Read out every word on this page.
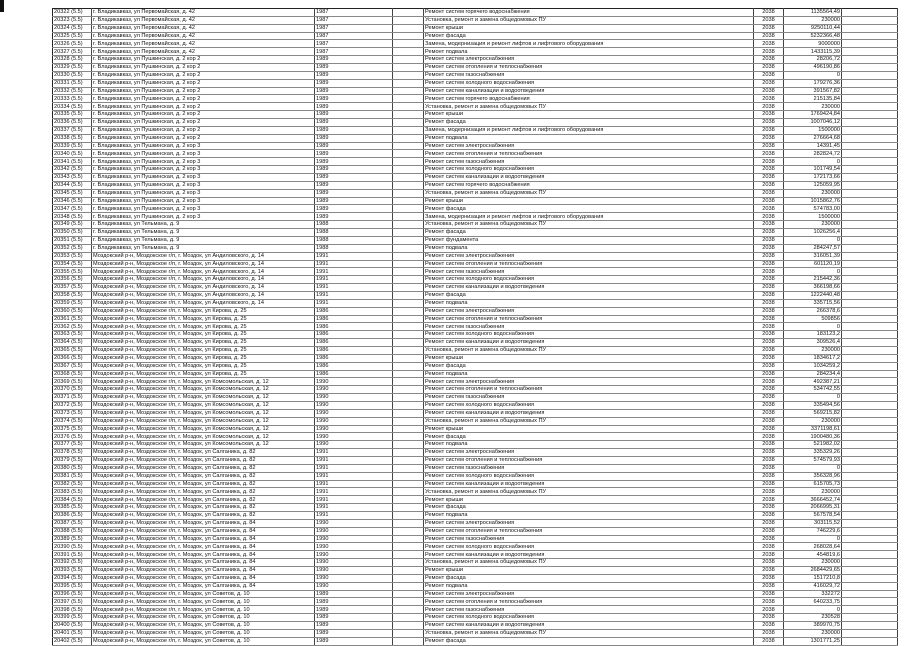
20322 (5.5)	г. Владикавказ, ул Первомайская, д. 42	1987		Ремонт систем горячего водоснабжения	2038	1135564,49	
20323 (5.5)	г. Владикавказ, ул Первомайская, д. 42	1987		Установка, ремонт и замена общедомовых ПУ	2038	230000	
20324 (5.5)	г. Владикавказ, ул Первомайская, д. 42	1987		Ремонт крыши	2038	9250110,44	
20325 (5.5)	г. Владикавказ, ул Первомайская, д. 42	1987		Ремонт фасада	2038	5232366,48	
20326 (5.5)	г. Владикавказ, ул Первомайская, д. 42	1987		Замена, модернизация и ремонт лифтов и лифтового оборудования	2038	9000000	
20327 (5.5)	г. Владикавказ, ул Первомайская, д. 42	1987		Ремонт подвала	2038	1433115,39	
20328 (5.5)	г. Владикавказ, ул Пушкинская, д. 2 кор 2	1989		Ремонт систем электроснабжения	2038	28206,72	
20329 (5.5)	г. Владикавказ, ул Пушкинская, д. 2 кор 2	1989		Ремонт систем отопления и теплоснабжения	2038	496190,86	
20330 (5.5)	г. Владикавказ, ул Пушкинская, д. 2 кор 2	1989		Ремонт систем газоснабжения	2038	0	
20331 (5.5)	г. Владикавказ, ул Пушкинская, д. 2 кор 2	1989		Ремонт систем холодного водоснабжения	2038	179276,36	
20332 (5.5)	г. Владикавказ, ул Пушкинская, д. 2 кор 2	1989		Ремонт систем канализации и водоотведения	2038	391567,82	
20333 (5.5)	г. Владикавказ, ул Пушкинская, д. 2 кор 2	1989		Ремонт систем горячего водоснабжения	2038	215135,84	
20334 (5.5)	г. Владикавказ, ул Пушкинская, д. 2 кор 2	1989		Установка, ремонт и замена общедомовых ПУ	2038	230000	
20335 (5.5)	г. Владикавказ, ул Пушкинская, д. 2 кор 2	1989		Ремонт крыши	2038	1769424,84	
20336 (5.5)	г. Владикавказ, ул Пушкинская, д. 2 кор 2	1989		Ремонт фасада	2038	1007046,12	
20337 (5.5)	г. Владикавказ, ул Пушкинская, д. 2 кор 2	1989		Замена, модернизация и ремонт лифтов и лифтового оборудования	2038	1500000	
20338 (5.5)	г. Владикавказ, ул Пушкинская, д. 2 кор 2	1989		Ремонт подвала	2038	276664,68	
20339 (5.5)	г. Владикавказ, ул Пушкинская, д. 2 кор 3	1989		Ремонт систем электроснабжения	2038	14391,45	
20340 (5.5)	г. Владикавказ, ул Пушкинская, д. 2 кор 3	1989		Ремонт систем отопления и теплоснабжения	2038	282824,72	
20341 (5.5)	г. Владикавказ, ул Пушкинская, д. 2 кор 3	1989		Ремонт систем газоснабжения	2038	0	
20342 (5.5)	г. Владикавказ, ул Пушкинская, д. 2 кор 3	1989		Ремонт систем холодного водоснабжения	2038	101749,54	
20343 (5.5)	г. Владикавказ, ул Пушкинская, д. 2 кор 3	1989		Ремонт систем канализации и водоотведения	2038	172173,66	
20344 (5.5)	г. Владикавказ, ул Пушкинская, д. 2 кор 3	1989		Ремонт систем горячего водоснабжения	2038	125059,95	
20345 (5.5)	г. Владикавказ, ул Пушкинская, д. 2 кор 3	1989		Установка, ремонт и замена общедомовых ПУ	2038	230000	
20346 (5.5)	г. Владикавказ, ул Пушкинская, д. 2 кор 3	1989		Ремонт крыши	2038	1015862,76	
20347 (5.5)	г. Владикавказ, ул Пушкинская, д. 2 кор 3	1989		Ремонт фасада	2038	574783,00	
20348 (5.5)	г. Владикавказ, ул Пушкинская, д. 2 кор 3	1989		Замена, модернизация и ремонт лифтов и лифтового оборудования	2038	1500000	
20349 (5.5)	г. Владикавказ, ул Тельмана, д. 9	1988		Установка, ремонт и замена общедомовых ПУ	2038	230000	
20350 (5.5)	г. Владикавказ, ул Тельмана, д. 9	1988		Ремонт фасада	2038	1026256,4	
20351 (5.5)	г. Владикавказ, ул Тельмана, д. 9	1988		Ремонт фундамента	2038	0	
20352 (5.5)	г. Владикавказ, ул Тельмана, д. 9	1988		Ремонт подвала	2038	284247,57	
20353 (5.5)	Моздокский р-н, Моздокское г/п, г. Моздок, ул Андиловского, д. 14	1991		Ремонт систем электроснабжения	2038	316051,39	
20354 (5.5)	Моздокский р-н, Моздокское г/п, г. Моздок, ул Андиловского, д. 14	1991		Ремонт систем отопления и теплоснабжения	2038	601120,19	
20355 (5.5)	Моздокский р-н, Моздокское г/п, г. Моздок, ул Андиловского, д. 14	1991		Ремонт систем газоснабжения	2038	0	
20356 (5.5)	Моздокский р-н, Моздокское г/п, г. Моздок, ул Андиловского, д. 14	1991		Ремонт систем холодного водоснабжения	2038	215442,36	
20357 (5.5)	Моздокский р-н, Моздокское г/п, г. Моздок, ул Андиловского, д. 14	1991		Ремонт систем канализации и водоотведения	2038	366198,66	
20358 (5.5)	Моздокский р-н, Моздокское г/п, г. Моздок, ул Андиловского, д. 14	1991		Ремонт фасада	2038	1222440,48	
20359 (5.5)	Моздокский р-н, Моздокское г/п, г. Моздок, ул Андиловского, д. 14	1991		Ремонт подвала	2038	335715,56	
20360 (5.5)	Моздокский р-н, Моздокское г/п, г. Моздок, ул Кирова, д. 25	1986		Ремонт систем электроснабжения	2038	266378,6	
20361 (5.5)	Моздокский р-н, Моздокское г/п, г. Моздок, ул Кирова, д. 25	1986		Ремонт систем отопления и теплоснабжения	2038	509856	
20362 (5.5)	Моздокский р-н, Моздокское г/п, г. Моздок, ул Кирова, д. 25	1986		Ремонт систем газоснабжения	2038	0	
20363 (5.5)	Моздокский р-н, Моздокское г/п, г. Моздок, ул Кирова, д. 25	1986		Ремонт систем холодного водоснабжения	2038	183123,2	
20364 (5.5)	Моздокский р-н, Моздокское г/п, г. Моздок, ул Кирова, д. 25	1986		Ремонт систем канализации и водоотведения	2038	309526,4	
20365 (5.5)	Моздокский р-н, Моздокское г/п, г. Моздок, ул Кирова, д. 25	1986		Установка, ремонт и замена общедомовых ПУ	2038	230000	
20366 (5.5)	Моздокский р-н, Моздокское г/п, г. Моздок, ул Кирова, д. 25	1986		Ремонт крыши	2038	1834617,2	
20367 (5.5)	Моздокский р-н, Моздокское г/п, г. Моздок, ул Кирова, д. 25	1986		Ремонт фасада	2038	1034259,2	
20368 (5.5)	Моздокский р-н, Моздокское г/п, г. Моздок, ул Кирова, д. 25	1986		Ремонт подвала	2038	284234,4	
20369 (5.5)	Моздокский р-н, Моздокское г/п, г. Моздок, ул Комсомольская, д. 12	1990		Ремонт систем электроснабжения	2038	492387,21	
20370 (5.5)	Моздокский р-н, Моздокское г/п, г. Моздок, ул Комсомольская, д. 12	1990		Ремонт систем отопления и теплоснабжения	2038	534742,55	
20371 (5.5)	Моздокский р-н, Моздокское г/п, г. Моздок, ул Комсомольская, д. 12	1990		Ремонт систем газоснабжения	2038	0	
20372 (5.5)	Моздокский р-н, Моздокское г/п, г. Моздок, ул Комсомольская, д. 12	1990		Ремонт систем холодного водоснабжения	2038	335494,56	
20373 (5.5)	Моздокский р-н, Моздокское г/п, г. Моздок, ул Комсомольская, д. 12	1990		Ремонт систем канализации и водоотведения	2038	569215,82	
20374 (5.5)	Моздокский р-н, Моздокское г/п, г. Моздок, ул Комсомольская, д. 12	1990		Установка, ремонт и замена общедомовых ПУ	2038	230000	
20375 (5.5)	Моздокский р-н, Моздокское г/п, г. Моздок, ул Комсомольская, д. 12	1990		Ремонт крыши	2038	3371198,61	
20376 (5.5)	Моздокский р-н, Моздокское г/п, г. Моздок, ул Комсомольская, д. 12	1990		Ремонт фасада	2038	1900480,36	
20377 (5.5)	Моздокский р-н, Моздокское г/п, г. Моздок, ул Комсомольская, д. 12	1990		Ремонт подвала	2038	521982,02	
20378 (5.5)	Моздокский р-н, Моздокское г/п, г. Моздок, ул Салганика, д. 82	1991		Ремонт систем электроснабжения	2038	335329,26	
20379 (5.5)	Моздокский р-н, Моздокское г/п, г. Моздок, ул Салганика, д. 82	1991		Ремонт систем отопления и теплоснабжения	2038	574579,93	
20380 (5.5)	Моздокский р-н, Моздокское г/п, г. Моздок, ул Салганика, д. 82	1991		Ремонт систем газоснабжения	2038	0	
20381 (5.5)	Моздокский р-н, Моздокское г/п, г. Моздок, ул Салганика, д. 82	1991		Ремонт систем холодного водоснабжения	2038	356328,96	
20382 (5.5)	Моздокский р-н, Моздокское г/п, г. Моздок, ул Салганика, д. 82	1991		Ремонт систем канализации и водоотведения	2038	615705,73	
20383 (5.5)	Моздокский р-н, Моздокское г/п, г. Моздок, ул Салганика, д. 82	1991		Установка, ремонт и замена общедомовых ПУ	2038	230000	
20384 (5.5)	Моздокский р-н, Моздокское г/п, г. Моздок, ул Салганика, д. 82	1991		Ремонт крыши	2038	3666452,74	
20385 (5.5)	Моздокский р-н, Моздокское г/п, г. Моздок, ул Салганика, д. 82	1991		Ремонт фасада	2038	2066995,31	
20386 (5.5)	Моздокский р-н, Моздокское г/п, г. Моздок, ул Салганика, д. 82	1991		Ремонт подвала	2038	567578,54	
20387 (5.5)	Моздокский р-н, Моздокское г/п, г. Моздок, ул Салганика, д. 84	1990		Ремонт систем электроснабжения	2038	303115,52	
20388 (5.5)	Моздокский р-н, Моздокское г/п, г. Моздок, ул Салганика, д. 84	1990		Ремонт систем отопления и теплоснабжения	2038	746229,6	
20389 (5.5)	Моздокский р-н, Моздокское г/п, г. Моздок, ул Салганика, д. 84	1990		Ремонт систем газоснабжения	2038	0	
20390 (5.5)	Моздокский р-н, Моздокское г/п, г. Моздок, ул Салганика, д. 84	1990		Ремонт систем холодного водоснабжения	2038	268028,64	
20391 (5.5)	Моздокский р-н, Моздокское г/п, г. Моздок, ул Салганика, д. 84	1990		Ремонт систем канализации и водоотведения	2038	454819,6	
20392 (5.5)	Моздокский р-н, Моздокское г/п, г. Моздок, ул Салганика, д. 84	1990		Установка, ремонт и замена общедомовых ПУ	2038	230000	
20393 (5.5)	Моздокский р-н, Моздокское г/п, г. Моздок, ул Салганика, д. 84	1990		Ремонт крыши	2038	2684429,65	
20394 (5.5)	Моздокский р-н, Моздокское г/п, г. Моздок, ул Салганика, д. 84	1990		Ремонт фасада	2038	1517210,8	
20395 (5.5)	Моздокский р-н, Моздокское г/п, г. Моздок, ул Салганика, д. 84	1990		Ремонт подвала	2038	416029,72	
20396 (5.5)	Моздокский р-н, Моздокское г/п, г. Моздок, ул Советов, д. 10	1989		Ремонт систем электроснабжения	2038	332272	
20397 (5.5)	Моздокский р-н, Моздокское г/п, г. Моздок, ул Советов, д. 10	1989		Ремонт систем отопления и теплоснабжения	2038	640233,75	
20398 (5.5)	Моздокский р-н, Моздокское г/п, г. Моздок, ул Советов, д. 10	1989		Ремонт систем газоснабжения	2038	0	
20399 (5.5)	Моздокский р-н, Моздокское г/п, г. Моздок, ул Советов, д. 10	1989		Ремонт систем холодного водоснабжения	2038	230528	
20400 (5.5)	Моздокский р-н, Моздокское г/п, г. Моздок, ул Советов, д. 10	1989		Ремонт систем канализации и водоотведения	2038	389970,75	
20401 (5.5)	Моздокский р-н, Моздокское г/п, г. Моздок, ул Советов, д. 10	1989		Установка, ремонт и замена общедомовых ПУ	2038	230000	
20402 (5.5)	Моздокский р-н, Моздокское г/п, г. Моздок, ул Советов, д. 10	1989		Ремонт фасада	2038	1301771,25	
